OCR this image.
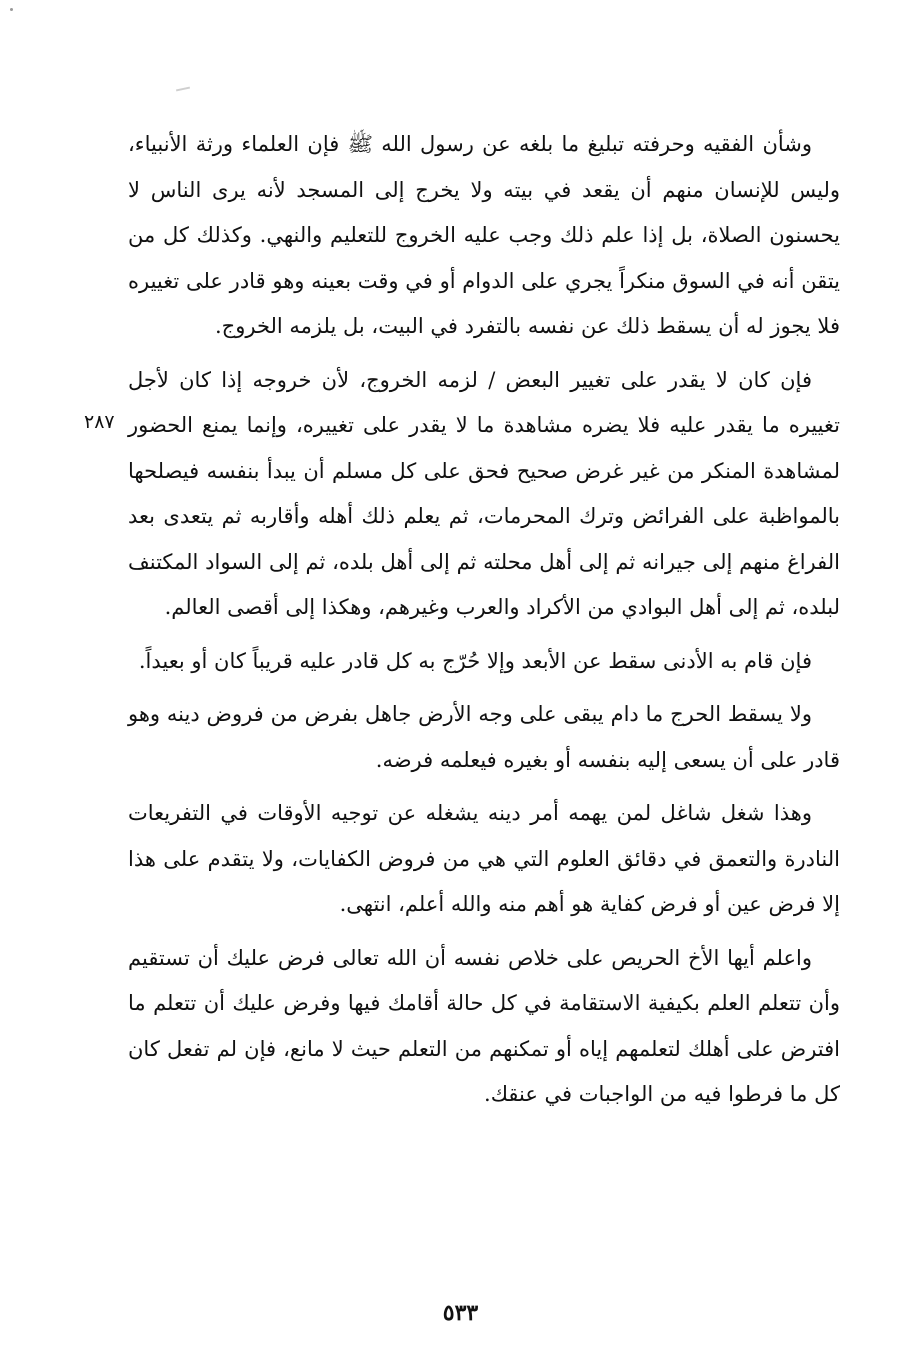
٢٨٧

وشأن الفقيه وحرفته تبليغ ما بلغه عن رسول الله ﷺ فإن العلماء ورثة الأنبياء، وليس للإنسان منهم أن يقعد في بيته ولا يخرج إلى المسجد لأنه يرى الناس لا يحسنون الصلاة، بل إذا علم ذلك وجب عليه الخروج للتعليم والنهي. وكذلك كل من يتقن أنه في السوق منكراً يجري على الدوام أو في وقت بعينه وهو قادر على تغييره فلا يجوز له أن يسقط ذلك عن نفسه بالتفرد في البيت، بل يلزمه الخروج.

فإن كان لا يقدر على تغيير البعض / لزمه الخروج، لأن خروجه إذا كان لأجل تغييره ما يقدر عليه فلا يضره مشاهدة ما لا يقدر على تغييره، وإنما يمنع الحضور لمشاهدة المنكر من غير غرض صحيح فحق على كل مسلم أن يبدأ بنفسه فيصلحها بالمواظبة على الفرائض وترك المحرمات، ثم يعلم ذلك أهله وأقاربه ثم يتعدى بعد الفراغ منهم إلى جيرانه ثم إلى أهل محلته ثم إلى أهل بلده، ثم إلى السواد المكتنف لبلده، ثم إلى أهل البوادي من الأكراد والعرب وغيرهم، وهكذا إلى أقصى العالم.

فإن قام به الأدنى سقط عن الأبعد وإلا حُرّج به كل قادر عليه قريباً كان أو بعيداً.

ولا يسقط الحرج ما دام يبقى على وجه الأرض جاهل بفرض من فروض دينه وهو قادر على أن يسعى إليه بنفسه أو بغيره فيعلمه فرضه.

وهذا شغل شاغل لمن يهمه أمر دينه يشغله عن توجيه الأوقات في التفريعات النادرة والتعمق في دقائق العلوم التي هي من فروض الكفايات، ولا يتقدم على هذا إلا فرض عين أو فرض كفاية هو أهم منه والله أعلم، انتهى.

واعلم أيها الأخ الحريص على خلاص نفسه أن الله تعالى فرض عليك أن تستقيم وأن تتعلم العلم بكيفية الاستقامة في كل حالة أقامك فيها وفرض عليك أن تتعلم ما افترض على أهلك لتعلمهم إياه أو تمكنهم من التعلم حيث لا مانع، فإن لم تفعل كان كل ما فرطوا فيه من الواجبات في عنقك.

٥٣٣
